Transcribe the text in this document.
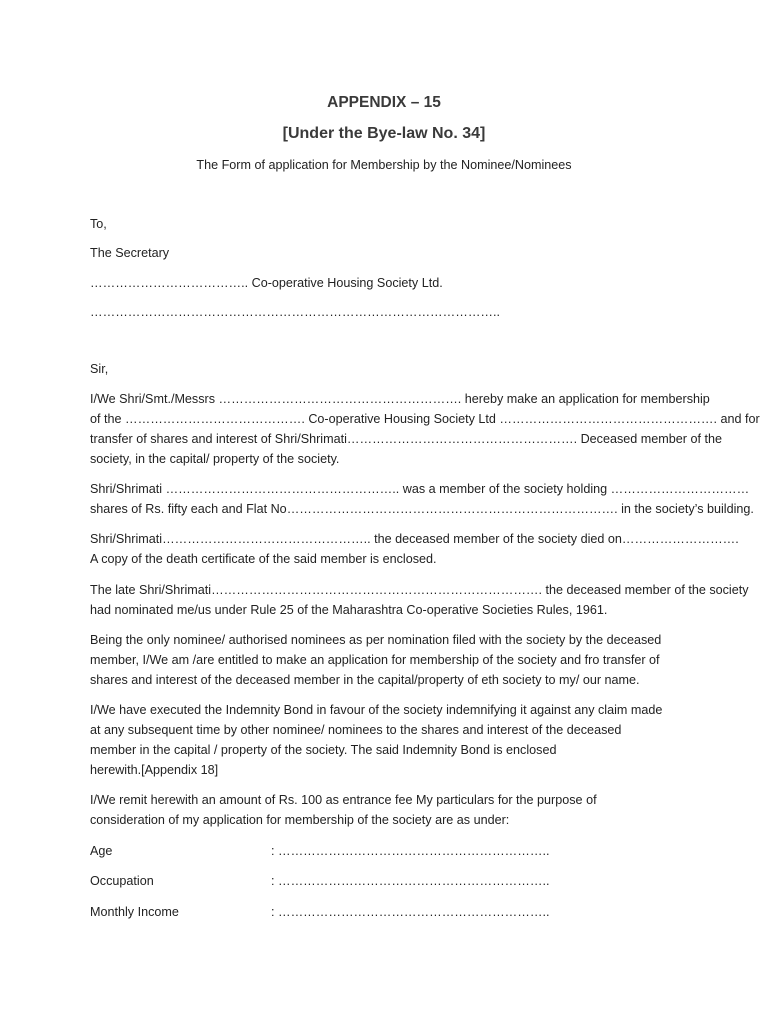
APPENDIX – 15
[Under the Bye-law No. 34]
The Form of application for Membership by the Nominee/Nominees
To,
The Secretary
……………………………….. Co-operative Housing Society Ltd.
……………………………………………………………………………………..
Sir,
I/We Shri/Smt./Messrs …………………………………………………. hereby make an application for membership
of the ……………………………………. Co-operative Housing Society Ltd ……………………………………………. and for
transfer of shares and interest of Shri/Shrimati………………………………………………. Deceased member of the
society, in the capital/ property of the society.
Shri/Shrimati ……………………………………………….. was a member of the society holding ……………………………
shares of Rs. fifty each and Flat No……………………………………………………………………. in the society’s building.
Shri/Shrimati………………………………………….. the deceased member of the society died on……………………….
A copy of the death certificate of the said member is enclosed.
The late Shri/Shrimati……………………………………………………………………. the deceased member of the society
had nominated me/us under Rule 25 of the Maharashtra Co-operative Societies Rules, 1961.
Being the only nominee/ authorised nominees as per nomination filed with the society by the deceased
member, I/We am /are entitled to make an application for membership of the society and fro transfer of
shares and interest of the deceased member in the capital/property of eth society to my/ our name.
I/We have executed the Indemnity Bond in favour of the society indemnifying it against any claim made
at any subsequent time by other nominee/ nominees to the shares and interest of the deceased
member in the capital / property of the society. The said Indemnity Bond is enclosed
herewith.[Appendix 18]
I/We remit herewith an amount of Rs. 100 as entrance fee My particulars for the purpose of
consideration of my application for membership of the society are as under:
Age	: ………………………………………………………..
Occupation	: ………………………………………………………..
Monthly Income	: ………………………………………………………..
